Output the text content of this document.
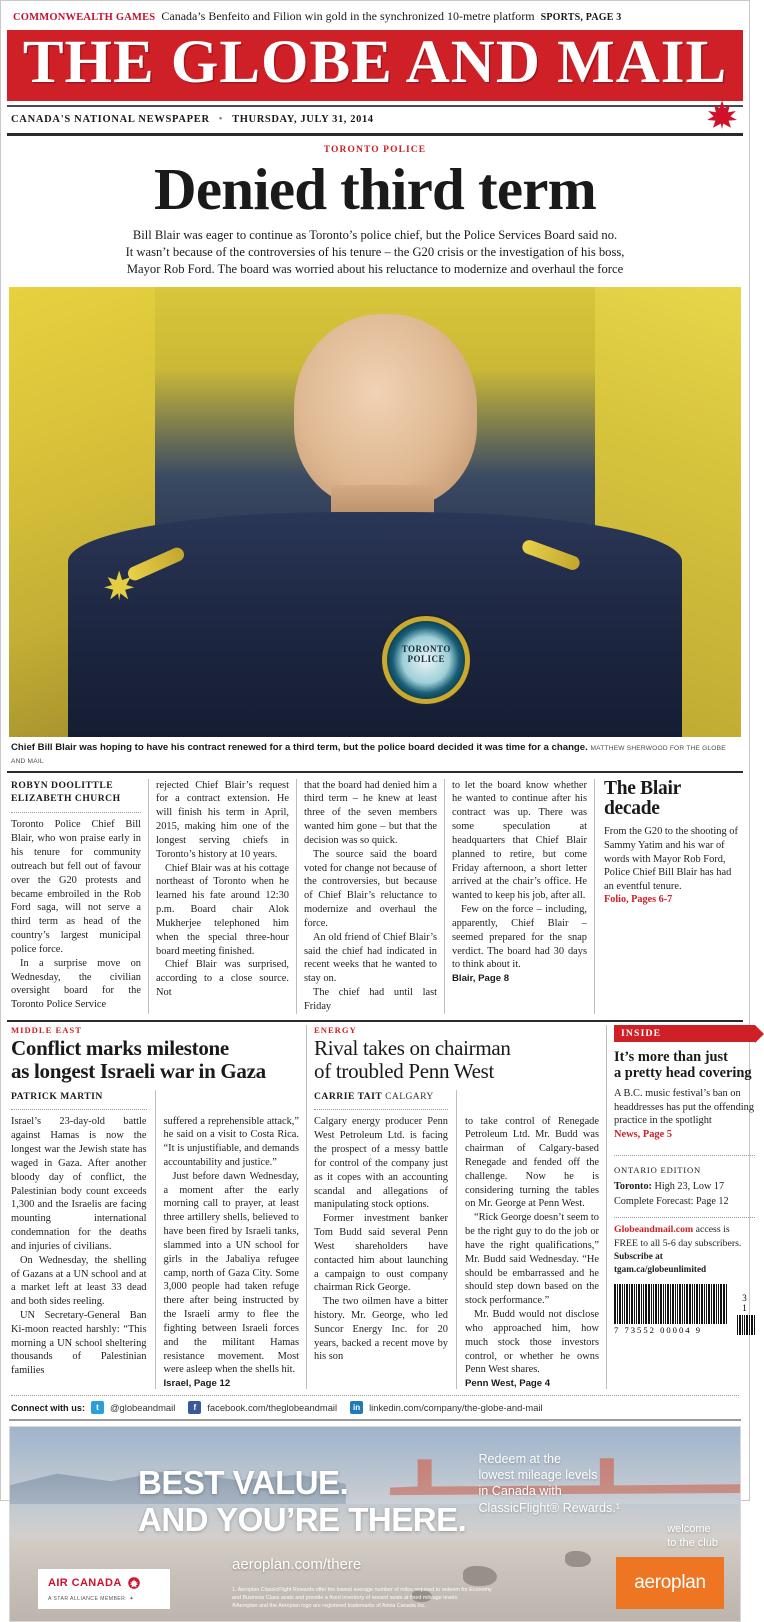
COMMONWEALTH GAMES Canada’s Benfeito and Filion win gold in the synchronized 10-metre platform SPORTS, PAGE 3
THE GLOBE AND MAIL
CANADA'S NATIONAL NEWSPAPER • THURSDAY, JULY 31, 2014
TORONTO POLICE
Denied third term
Bill Blair was eager to continue as Toronto’s police chief, but the Police Services Board said no.
It wasn’t because of the controversies of his tenure – the G20 crisis or the investigation of his boss,
Mayor Rob Ford. The board was worried about his reluctance to modernize and overhaul the force
TORONTO
POLICE
Chief Bill Blair was hoping to have his contract renewed for a third term, but the police board decided it was time for a change. MATTHEW SHERWOOD FOR THE GLOBE AND MAIL
ROBYN DOOLITTLE
ELIZABETH CHURCH

Toronto Police Chief Bill Blair, who won praise early in his tenure for community outreach but fell out of favour over the G20 protests and became embroiled in the Rob Ford saga, will not serve a third term as head of the country’s largest municipal police force.

In a surprise move on Wednesday, the civilian oversight board for the Toronto Police Service

rejected Chief Blair’s request for a contract extension. He will finish his term in April, 2015, making him one of the longest serving chiefs in Toronto’s history at 10 years.

Chief Blair was at his cottage northeast of Toronto when he learned his fate around 12:30 p.m. Board chair Alok Mukherjee telephoned him when the special three-hour board meeting finished.

Chief Blair was surprised, according to a close source. Not

that the board had denied him a third term – he knew at least three of the seven members wanted him gone – but that the decision was so quick.

The source said the board voted for change not because of the controversies, but because of Chief Blair’s reluctance to modernize and overhaul the force.

An old friend of Chief Blair’s said the chief had indicated in recent weeks that he wanted to stay on.

The chief had until last Friday

to let the board know whether he wanted to continue after his contract was up. There was some speculation at headquarters that Chief Blair planned to retire, but come Friday afternoon, a short letter arrived at the chair’s office. He wanted to keep his job, after all.

Few on the force – including, apparently, Chief Blair – seemed prepared for the snap verdict. The board had 30 days to think about it.

Blair, Page 8
The Blair decade
From the G20 to the shooting of Sammy Yatim and his war of words with Mayor Rob Ford, Police Chief Bill Blair has had an eventful tenure.
Folio, Pages 6-7
MIDDLE EAST
Conflict marks milestone
as longest Israeli war in Gaza
PATRICK MARTIN

Israel’s 23-day-old battle against Hamas is now the longest war the Jewish state has waged in Gaza. After another bloody day of conflict, the Palestinian body count exceeds 1,300 and the Israelis are facing mounting international condemnation for the deaths and injuries of civilians.

On Wednesday, the shelling of Gazans at a UN school and at a market left at least 33 dead and both sides reeling.

UN Secretary-General Ban Ki-moon reacted harshly: “This morning a UN school sheltering thousands of Palestinian families

suffered a reprehensible attack,” he said on a visit to Costa Rica. “It is unjustifiable, and demands accountability and justice.”

Just before dawn Wednesday, a moment after the early morning call to prayer, at least three artillery shells, believed to have been fired by Israeli tanks, slammed into a UN school for girls in the Jabaliya refugee camp, north of Gaza City. Some 3,000 people had taken refuge there after being instructed by the Israeli army to flee the fighting between Israeli forces and the militant Hamas resistance movement. Most were asleep when the shells hit.

Israel, Page 12
ENERGY
Rival takes on chairman
of troubled Penn West
CARRIE TAIT CALGARY

Calgary energy producer Penn West Petroleum Ltd. is facing the prospect of a messy battle for control of the company just as it copes with an accounting scandal and allegations of manipulating stock options.

Former investment banker Tom Budd said several Penn West shareholders have contacted him about launching a campaign to oust company chairman Rick George.

The two oilmen have a bitter history. Mr. George, who led Suncor Energy Inc. for 20 years, backed a recent move by his son

to take control of Renegade Petroleum Ltd. Mr. Budd was chairman of Calgary-based Renegade and fended off the challenge. Now he is considering turning the tables on Mr. George at Penn West.

“Rick George doesn’t seem to be the right guy to do the job or have the right qualifications,” Mr. Budd said Wednesday. “He should be embarrassed and he should step down based on the stock performance.”

Mr. Budd would not disclose who approached him, how much stock those investors control, or whether he owns Penn West shares.

Penn West, Page 4
INSIDE
It’s more than just
a pretty head covering
A B.C. music festival’s ban on headdresses has put the offending practice in the spotlight
News, Page 5
ONTARIO EDITION
Toronto: High 23, Low 17
Complete Forecast: Page 12
Globeandmail.com access is FREE to all 5-6 day subscribers.
Subscribe at tgam.ca/globeunlimited
7 73552 00004 9
3 1
Connect with us:	t	@globeandmail	f	facebook.com/theglobeandmail	in linkedin.com/company/the-globe-and-mail
BEST VALUE.
AND YOU’RE THERE.
Redeem at the
lowest mileage levels
in Canada with
ClassicFlight® Rewards.¹
aeroplan.com/there
1. Aeroplan ClassicFlight Rewards offer the lowest average number of miles required to redeem for Economy
and Business Class seats and provide a fixed inventory of reward seats at fixed mileage levels.
®Aeroplan and the Aeroplan logo are registered trademarks of Aimia Canada Inc.
AIR CANADA
A STAR ALLIANCE MEMBER ✦
welcome
to the club
aeroplan
